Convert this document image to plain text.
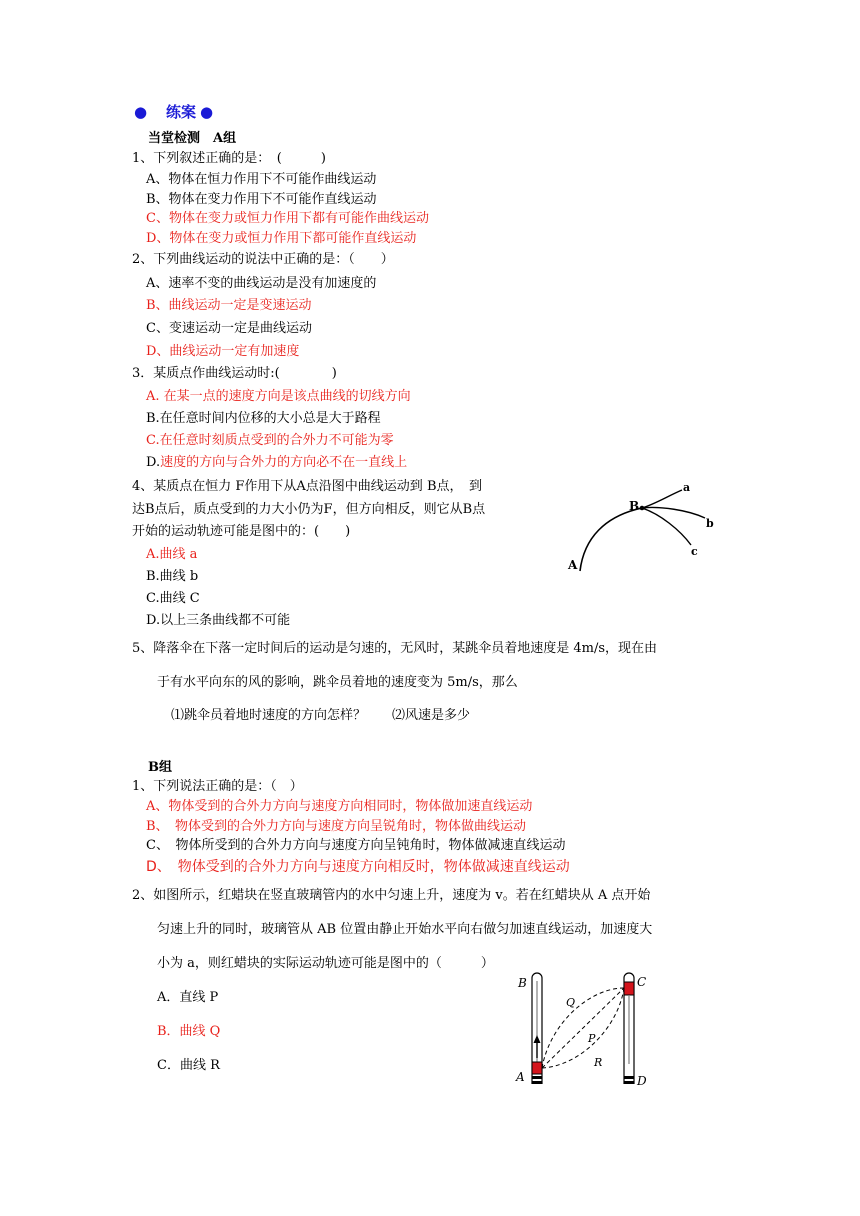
● 练案 ●
当堂检测　A组
1、下列叙述正确的是：　(　　　)
A、物体在恒力作用下不可能作曲线运动
B、物体在变力作用下不可能作直线运动
C、物体在变力或恒力作用下都有可能作曲线运动
D、物体在变力或恒力作用下都可能作直线运动
2、下列曲线运动的说法中正确的是：（　　）
A、速率不变的曲线运动是没有加速度的
B、曲线运动一定是变速运动
C、变速运动一定是曲线运动
D、曲线运动一定有加速度
3．某质点作曲线运动时:(　　　　)
A. 在某一点的速度方向是该点曲线的切线方向
B.在任意时间内位移的大小总是大于路程
C.在任意时刻质点受到的合外力不可能为零
D.速度的方向与合外力的方向必不在一直线上
4、某质点在恒力 F作用下从A点沿图中曲线运动到 B点，　到
达B点后，质点受到的力大小仍为F，但方向相反，则它从B点
开始的运动轨迹可能是图中的：(　　)
A.曲线 a
B.曲线 b
C.曲线 C
D.以上三条曲线都不可能
A
B
a
b
c
5、降落伞在下落一定时间后的运动是匀速的，无风时，某跳伞员着地速度是 4m/s，现在由
于有水平向东的风的影响，跳伞员着地的速度变为 5m/s，那么
⑴跳伞员着地时速度的方向怎样？　　⑵风速是多少
B组
1、下列说法正确的是：（　）
A、物体受到的合外力方向与速度方向相同时，物体做加速直线运动
B、　物体受到的合外力方向与速度方向呈锐角时，物体做曲线运动
C、　物体所受到的合外力方向与速度方向呈钝角时，物体做减速直线运动
D、　物体受到的合外力方向与速度方向相反时，物体做减速直线运动
2、如图所示，红蜡块在竖直玻璃管内的水中匀速上升，速度为 v。若在红蜡块从 A 点开始
匀速上升的同时，玻璃管从 AB 位置由静止开始水平向右做匀加速直线运动，加速度大
小为 a，则红蜡块的实际运动轨迹可能是图中的（　　　）
A．直线 P
B．曲线 Q
C．曲线 R
B
A
C
D
Q
P
R
